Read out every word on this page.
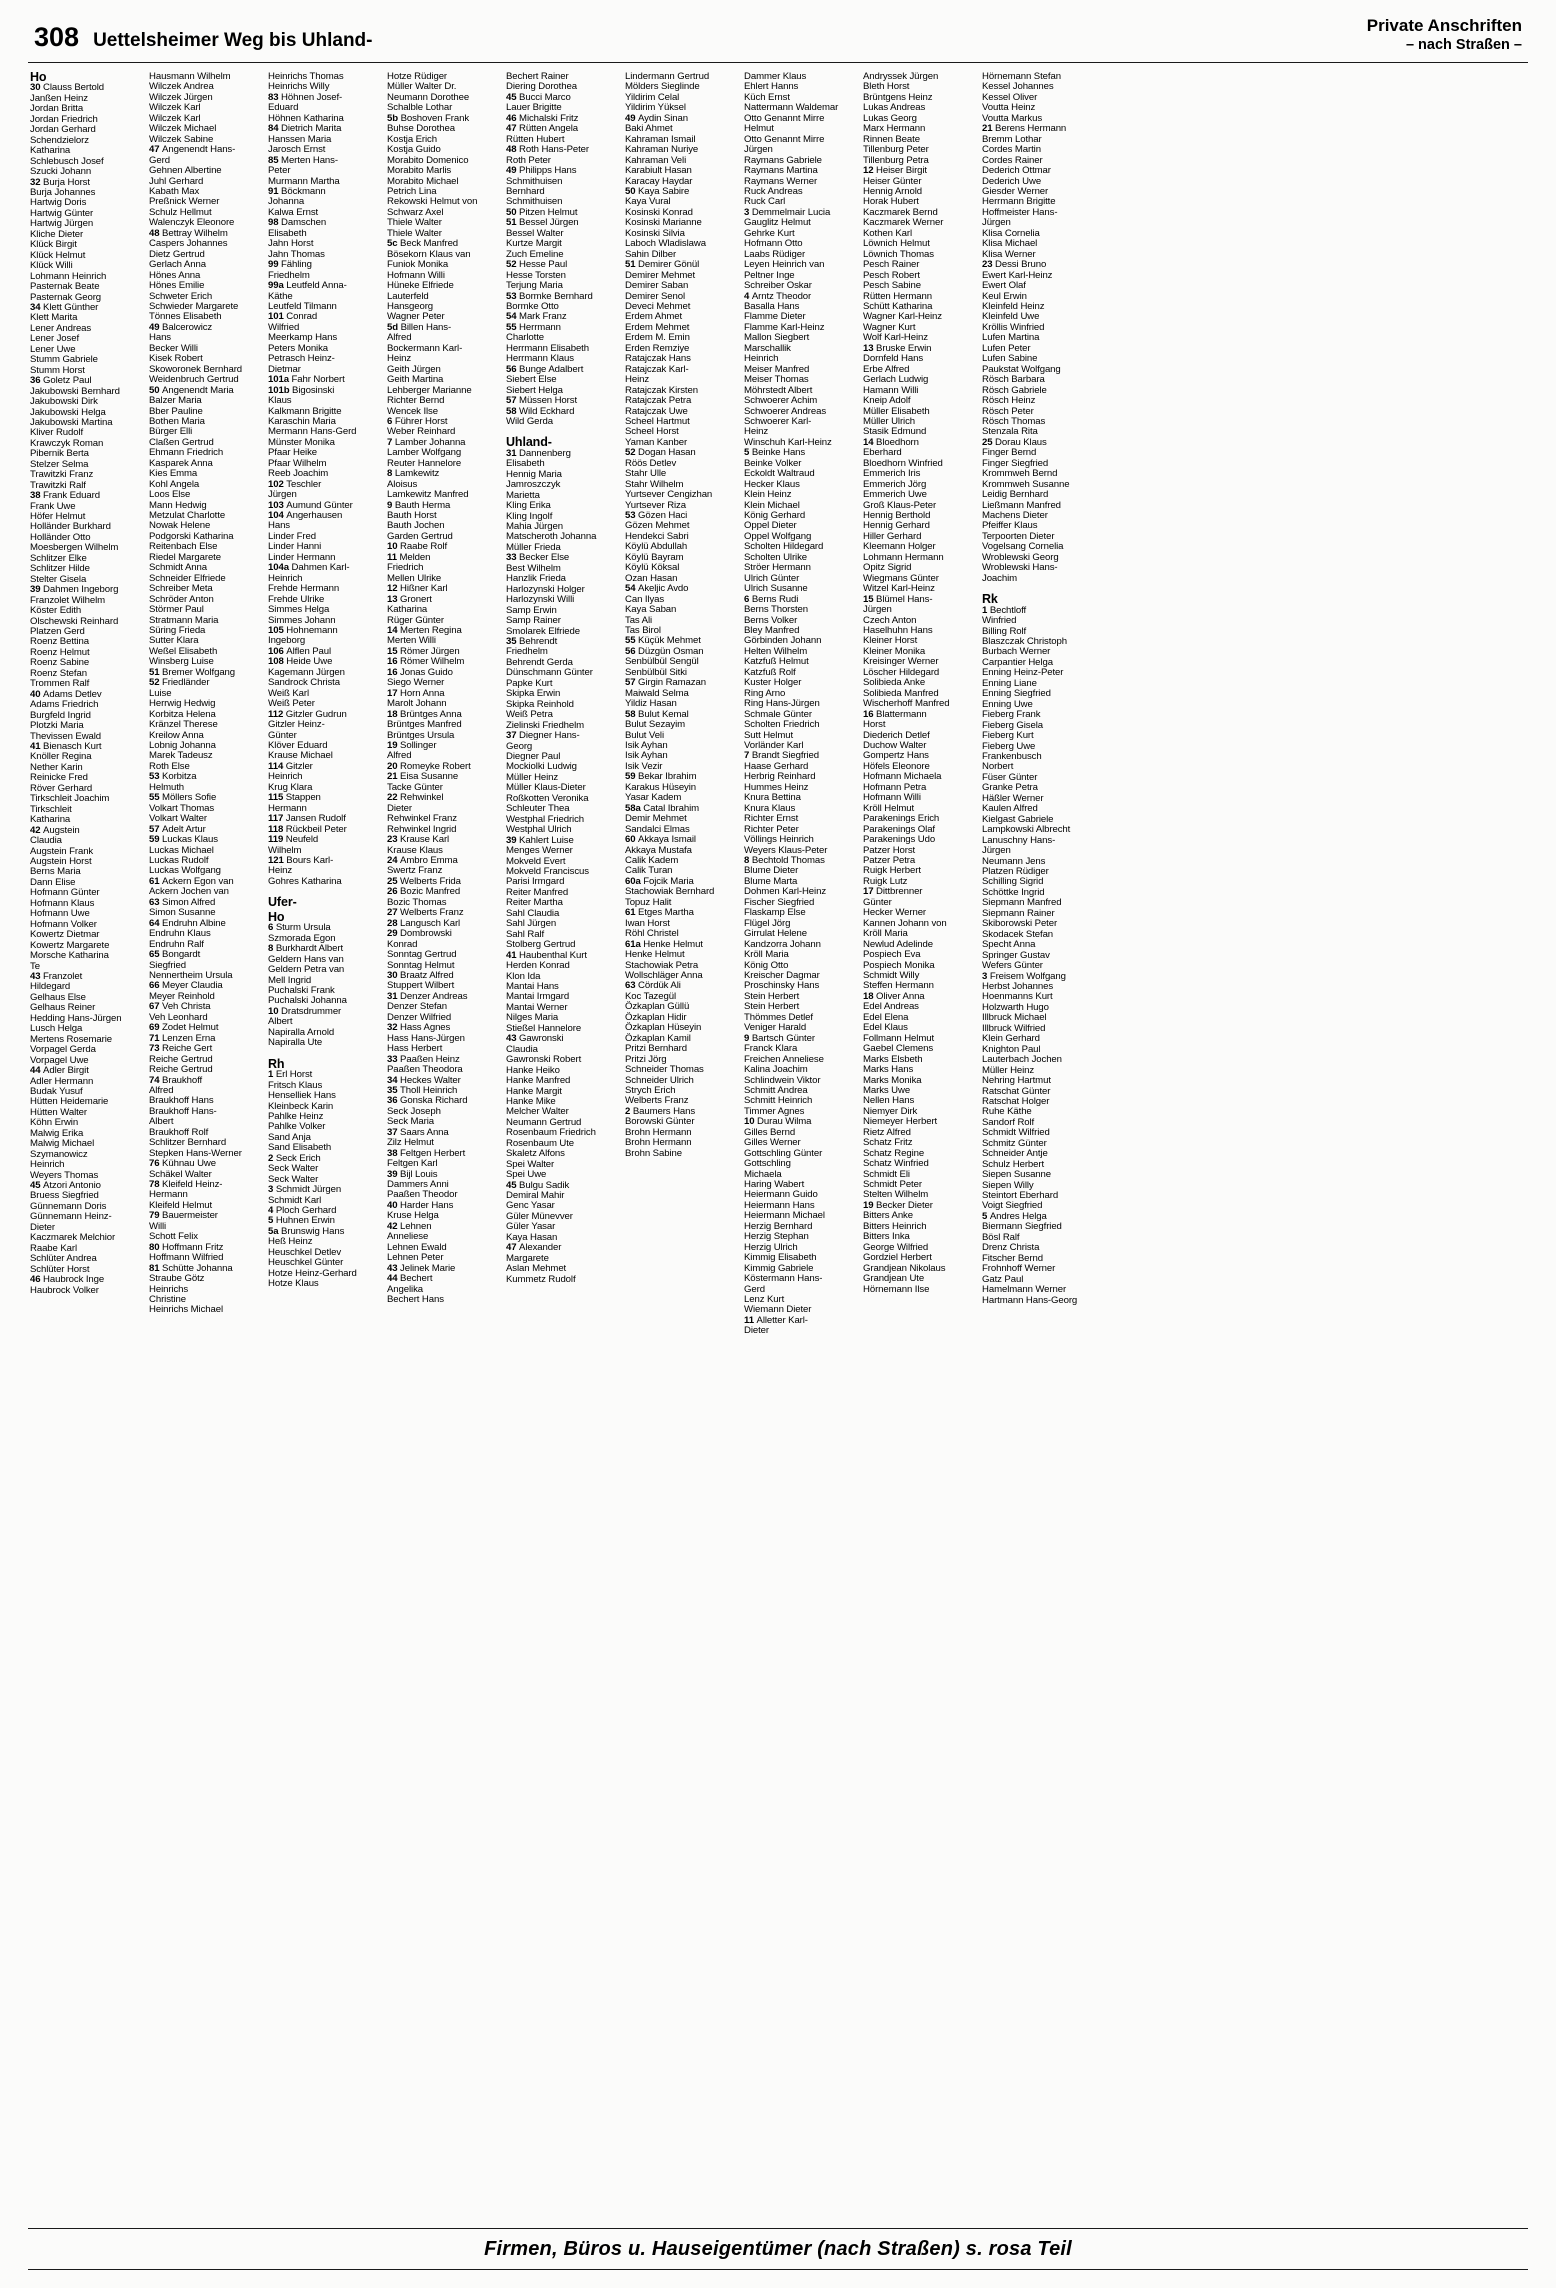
308 Uettelsheimer Weg bis Uhland-
Private Anschriften
– nach Straßen –
Ho
30 Clauss Bertold
Janßen Heinz
Jordan Britta
Jordan Friedrich
Jordan Gerhard
Schendzielorz
Katharina
Schlebusch Josef
Szucki Johann
32 Burja Horst
Burja Johannes
Hartwig Doris
Hartwig Günter
Hartwig Jürgen
Kliche Dieter
Klück Birgit
Klück Helmut
Klück Willi
Lohmann Heinrich
Pasternak Beate
Pasternak Georg
34 Klett Günther
Klett Marita
Lener Andreas
Lener Josef
Lener Uwe
Stumm Gabriele
Stumm Horst
36 Goletz Paul
Jakubowski Bernhard
Jakubowski Dirk
Jakubowski Helga
Jakubowski Martina
Kliver Rudolf
Krawczyk Roman
Pibernik Berta
Stelzer Selma
Trawitzki Franz
Trawitzki Ralf
38 Frank Eduard
Frank Uwe
Höfer Helmut
Holländer Burkhard
Holländer Otto
Moesbergen Wilhelm
Schlitzer Elke
Schlitzer Hilde
Stelter Gisela
39 Dahmen Ingeborg
Franzolet Wilhelm
Köster Edith
Olschewski Reinhard
Platzen Gerd
Roenz Bettina
Roenz Helmut
Roenz Sabine
Roenz Stefan
Trommen Ralf
40 Adams Detlev
Adams Friedrich
Burgfeld Ingrid
Plotzki Maria
Thevissen Ewald
41 Bienasch Kurt
Knöller Regina
Nether Karin
Reinicke Fred
Röver Gerhard
Tirkschleit Joachim
Tirkschleit
Katharina
42 Augstein
Claudia
Augstein Frank
Augstein Horst
Berns Maria
Dann Elise
Hofmann Günter
Hofmann Klaus
Hofmann Uwe
Hofmann Volker
Kowertz Dietmar
Kowertz Margarete
Morsche Katharina
Te
43 Franzolet
Hildegard
Gelhaus Else
Gelhaus Reiner
Hedding Hans-Jürgen
Lusch Helga
Mertens Rosemarie
Vorpagel Gerda
Vorpagel Uwe
44 Adler Birgit
Adler Hermann
Budak Yusuf
Hütten Heidemarie
Hütten Walter
Köhn Erwin
Malwig Erika
Malwig Michael
Szymanowicz
Heinrich
Weyers Thomas
45 Atzori Antonio
Bruess Siegfried
Günnemann Doris
Günnemann Heinz-
Dieter
Kaczmarek Melchior
Raabe Karl
Schlüter Andrea
Schlüter Horst
46 Haubrock Inge
Haubrock Volker
Hausmann Wilhelm
Wilczek Andrea
Wilczek Jürgen
Wilczek Karl
Wilczek Karl
Wilczek Michael
Wilczek Sabine
47 Angenendt Hans-
Gerd
Gehnen Albertine
Juhl Gerhard
Kabath Max
Preßnick Werner
Schulz Hellmut
Walenczyk Eleonore
48 Bettray Wilhelm
Caspers Johannes
Dietz Gertrud
Gerlach Anna
Hönes Anna
Hönes Emilie
Schweter Erich
Schwieder Margarete
Tönnes Elisabeth
49 Balcerowicz
Hans
Becker Willi
Kisek Robert
Skoworonek Bernhard
Weidenbruch Gertrud
50 Angenendt Maria
Balzer Maria
Bber Pauline
Bothen Maria
Bürger Elli
Claßen Gertrud
Ehmann Friedrich
Kasparek Anna
Kies Emma
Kohl Angela
Loos Else
Mann Hedwig
Metzulat Charlotte
Nowak Helene
Podgorski Katharina
Reitenbach Else
Riedel Margarete
Schmidt Anna
Schneider Elfriede
Schreiber Meta
Schröder Anton
Störmer Paul
Stratmann Maria
Süring Frieda
Sutter Klara
Weßel Elisabeth
Winsberg Luise
51 Bremer Wolfgang
52 Friedländer
Luise
Herrwig Hedwig
Korbitza Helena
Kränzel Therese
Kreilow Anna
Lobnig Johanna
Marek Tadeusz
Roth Else
53 Korbitza
Helmuth
55 Möllers Sofie
Volkart Thomas
Volkart Walter
57 Adelt Artur
59 Luckas Klaus
Luckas Michael
Luckas Rudolf
Luckas Wolfgang
61 Ackern Egon van
Ackern Jochen van
63 Simon Alfred
Simon Susanne
64 Endruhn Albine
Endruhn Klaus
Endruhn Ralf
65 Bongardt
Siegfried
Nennertheim Ursula
66 Meyer Claudia
Meyer Reinhold
67 Veh Christa
Veh Leonhard
69 Zodet Helmut
71 Lenzen Erna
73 Reiche Gert
Reiche Gertrud
Reiche Gertrud
74 Braukhoff
Alfred
Braukhoff Hans
Braukhoff Hans-
Albert
Braukhoff Rolf
Schlitzer Bernhard
Stepken Hans-Werner
76 Kühnau Uwe
Schäkel Walter
78 Kleifeld Heinz-
Hermann
Kleifeld Helmut
79 Bauermeister
Willi
Schott Felix
80 Hoffmann Fritz
Hoffmann Wilfried
81 Schütte Johanna
Straube Götz
Heinrichs
Christine
Heinrichs Michael
Heinrichs Thomas
Heinrichs Willy
83 Höhnen Josef-
Eduard
Höhnen Katharina
84 Dietrich Marita
Hanssen Maria
Jarosch Ernst
85 Merten Hans-
Peter
Murmann Martha
91 Böckmann
Johanna
Kalwa Ernst
98 Damschen
Elisabeth
Jahn Horst
Jahn Thomas
99 Fähling
Friedhelm
99a Leutfeld Anna-
Käthe
Leutfeld Tilmann
101 Conrad
Wilfried
Meerkamp Hans
Peters Monika
Petrasch Heinz-
Dietmar
101a Fahr Norbert
101b Bigosinski
Klaus
Kalkmann Brigitte
Karaschin Maria
Mermann Hans-Gerd
Münster Monika
Pfaar Heike
Pfaar Wilhelm
Reeb Joachim
102 Teschler
Jürgen
103 Aumund Günter
104 Angerhausen
Hans
Linder Fred
Linder Hanni
Linder Hermann
104a Dahmen Karl-
Heinrich
Frehde Hermann
Frehde Ulrike
Simmes Helga
Simmes Johann
105 Hohnemann
Ingeborg
106 Alflen Paul
108 Heide Uwe
Kagemann Jürgen
Sandrock Christa
Weiß Karl
Weiß Peter
112 Gitzler Gudrun
Gitzler Heinz-
Günter
Klöver Eduard
Krause Michael
114 Gitzler
Heinrich
Krug Klara
115 Stappen
Hermann
117 Jansen Rudolf
118 Rückbeil Peter
119 Neufeld
Wilhelm
121 Bours Karl-
Heinz
Gohres Katharina
Ufer-
Ho
6 Sturm Ursula
Szmorada Egon
8 Burkhardt Albert
Geldern Hans van
Geldern Petra van
Mell Ingrid
Puchalski Frank
Puchalski Johanna
10 Dratsdrummer
Albert
Napiralla Arnold
Napiralla Ute
Rh
1 Erl Horst
Fritsch Klaus
Henselliek Hans
Kleinbeck Karin
Pahlke Heinz
Pahlke Volker
Sand Anja
Sand Elisabeth
2 Seck Erich
Seck Walter
Seck Walter
3 Schmidt Jürgen
Schmidt Karl
4 Ploch Gerhard
5 Huhnen Erwin
5a Brunswig Hans
Heß Heinz
Heuschkel Detlev
Heuschkel Günter
Hotze Heinz-Gerhard
Hotze Klaus
Hotze Rüdiger
Müller Walter Dr.
Neumann Dorothee
Schalble Lothar
5b Boshoven Frank
Buhse Dorothea
Kostja Erich
Kostja Guido
Morabito Domenico
Morabito Marlis
Morabito Michael
Petrich Lina
Rekowski Helmut von
Schwarz Axel
Thiele Walter
Thiele Walter
5c Beck Manfred
Bösekorn Klaus van
Funiok Monika
Hofmann Willi
Hüneke Elfriede
Lauterfeld
Hansgeorg
Wagner Peter
5d Billen Hans-
Alfred
Bockermann Karl-
Heinz
Geith Jürgen
Geith Martina
Lehberger Marianne
Richter Bernd
Wencek Ilse
6 Führer Horst
Weber Reinhard
7 Lamber Johanna
Lamber Wolfgang
Reuter Hannelore
8 Lamkewitz
Aloisus
Lamkewitz Manfred
9 Bauth Herma
Bauth Horst
Bauth Jochen
Garden Gertrud
10 Raabe Rolf
11 Melden
Friedrich
Mellen Ulrike
12 Hißner Karl
13 Gronert
Katharina
Rüger Günter
14 Merten Regina
Merten Willi
15 Römer Jürgen
16 Römer Wilhelm
16 Jonas Guido
Siego Werner
17 Horn Anna
Marolt Johann
18 Brüntges Anna
Brüntges Manfred
Brüntges Ursula
19 Sollinger
Alfred
20 Romeyke Robert
21 Eisa Susanne
Tacke Günter
22 Rehwinkel
Dieter
Rehwinkel Franz
Rehwinkel Ingrid
23 Krause Karl
Krause Klaus
24 Ambro Emma
Swertz Franz
25 Welberts Frida
26 Bozic Manfred
Bozic Thomas
27 Welberts Franz
28 Langusch Karl
29 Dombrowski
Konrad
Sonntag Gertrud
Sonntag Helmut
30 Braatz Alfred
Stuppert Wilbert
31 Denzer Andreas
Denzer Stefan
Denzer Wilfried
32 Hass Agnes
Hass Hans-Jürgen
Hass Herbert
33 Paaßen Heinz
Paaßen Theodora
34 Heckes Walter
35 Tholl Heinrich
36 Gonska Richard
Seck Joseph
Seck Maria
37 Saars Anna
Zilz Helmut
38 Feltgen Herbert
Feltgen Karl
39 Bijl Louis
Dammers Anni
Paaßen Theodor
40 Harder Hans
Kruse Helga
42 Lehnen
Anneliese
Lehnen Ewald
Lehnen Peter
43 Jelinek Marie
44 Bechert
Angelika
Bechert Hans
Bechert Rainer
Diering Dorothea
45 Bucci Marco
Lauer Brigitte
46 Michalski Fritz
47 Rütten Angela
Rütten Hubert
48 Roth Hans-Peter
Roth Peter
49 Philipps Hans
Schmithuisen
Bernhard
Schmithuisen
50 Pitzen Helmut
51 Bessel Jürgen
Bessel Walter
Kurtze Margit
Zuch Emeline
52 Hesse Paul
Hesse Torsten
Terjung Maria
53 Bormke Bernhard
Bormke Otto
54 Mark Franz
55 Herrmann
Charlotte
Herrmann Elisabeth
Herrmann Klaus
56 Bunge Adalbert
Siebert Else
Siebert Helga
57 Müssen Horst
58 Wild Eckhard
Wild Gerda
Uhland-
31 Dannenberg
Elisabeth
Hennig Maria
Jamroszczyk
Marietta
Kling Erika
Kling Ingolf
Mahia Jürgen
Matscheroth Johanna
Müller Frieda
33 Becker Else
Best Wilhelm
Hanzlik Frieda
Harlozynski Holger
Harlozynski Willi
Samp Erwin
Samp Rainer
Smolarek Elfriede
35 Behrendt
Friedhelm
Behrendt Gerda
Dünschmann Günter
Papke Kurt
Skipka Erwin
Skipka Reinhold
Weiß Petra
Zielinski Friedhelm
37 Diegner Hans-
Georg
Diegner Paul
Mockiolki Ludwig
Müller Heinz
Müller Klaus-Dieter
Roßkotten Veronika
Schleuter Thea
Westphal Friedrich
Westphal Ulrich
39 Kahlert Luise
Menges Werner
Mokveld Evert
Mokveld Franciscus
Parisi Irmgard
Reiter Manfred
Reiter Martha
Sahl Claudia
Sahl Jürgen
Sahl Ralf
Stolberg Gertrud
41 Haubenthal Kurt
Herden Konrad
Klon Ida
Mantai Hans
Mantai Irmgard
Mantai Werner
Nilges Maria
Stießel Hannelore
43 Gawronski
Claudia
Gawronski Robert
Hanke Heiko
Hanke Manfred
Hanke Margit
Hanke Mike
Melcher Walter
Neumann Gertrud
Rosenbaum Friedrich
Rosenbaum Ute
Skaletz Alfons
Spei Walter
Spei Uwe
45 Bulgu Sadik
Demiral Mahir
Genc Yasar
Güler Münevver
Güler Yasar
Kaya Hasan
47 Alexander
Margarete
Aslan Mehmet
Kummetz Rudolf
Lindermann Gertrud
Mölders Sieglinde
Yildirim Celal
Yildirim Yüksel
49 Aydin Sinan
Baki Ahmet
Kahraman Ismail
Kahraman Nuriye
Kahraman Veli
Karabiult Hasan
Karacay Haydar
50 Kaya Sabire
Kaya Vural
Kosinski Konrad
Kosinski Marianne
Kosinski Silvia
Laboch Wladislawa
Sahin Dilber
51 Demirer Gönül
Demirer Mehmet
Demirer Saban
Demirer Senol
Deveci Mehmet
Erdem Ahmet
Erdem Mehmet
Erdem M. Emin
Erden Remziye
Ratajczak Hans
Ratajczak Karl-
Heinz
Ratajczak Kirsten
Ratajczak Petra
Ratajczak Uwe
Scheel Hartmut
Scheel Horst
Yaman Kanber
52 Dogan Hasan
Röös Detlev
Stahr Ulle
Stahr Wilhelm
Yurtsever Cengizhan
Yurtsever Riza
53 Gözen Haci
Gözen Mehmet
Hendekci Sabri
Köylü Abdullah
Köylü Bayram
Köylü Köksal
Ozan Hasan
54 Akeljic Avdo
Can Ilyas
Kaya Saban
Tas Ali
Tas Birol
55 Küçük Mehmet
56 Düzgün Osman
Senbülbül Sengül
Senbülbül Sitki
57 Girgin Ramazan
Maiwald Selma
Yildiz Hasan
58 Bulut Kemal
Bulut Sezayim
Bulut Veli
Isik Ayhan
Isik Ayhan
Isik Vezir
59 Bekar Ibrahim
Karakus Hüseyin
Yasar Kadem
58a Catal Ibrahim
Demir Mehmet
Sandalci Elmas
60 Akkaya Ismail
Akkaya Mustafa
Calik Kadem
Calik Turan
60a Fojcik Maria
Stachowiak Bernhard
Topuz Halit
61 Etges Martha
Iwan Horst
Röhl Christel
61a Henke Helmut
Henke Helmut
Stachowiak Petra
Wollschläger Anna
63 Cördük Ali
Koc Tazegül
Özkaplan Güllü
Özkaplan Hidir
Özkaplan Hüseyin
Özkaplan Kamil
Pritzi Bernhard
Pritzi Jörg
Schneider Thomas
Schneider Ulrich
Strych Erich
Welberts Franz
2 Baumers Hans
Borowski Günter
Brohn Hermann
Brohn Hermann
Brohn Sabine
Dammer Klaus
Ehlert Hanns
Küch Ernst
Nattermann Waldemar
Otto Genannt Mirre
Helmut
Otto Genannt Mirre
Jürgen
Raymans Gabriele
Raymans Martina
Raymans Werner
Ruck Andreas
Ruck Carl
3 Demmelmair Lucia
Gauglitz Helmut
Gehrke Kurt
Hofmann Otto
Laabs Rüdiger
Leyen Heinrich van
Peltner Inge
Schreiber Oskar
4 Arntz Theodor
Basalla Hans
Flamme Dieter
Flamme Karl-Heinz
Mallon Siegbert
Marschallik
Heinrich
Meiser Manfred
Meiser Thomas
Möhrstedt Albert
Schwoerer Achim
Schwoerer Andreas
Schwoerer Karl-
Heinz
Winschuh Karl-Heinz
5 Beinke Hans
Beinke Volker
Eckoldt Waltraud
Hecker Klaus
Klein Heinz
Klein Michael
König Gerhard
Oppel Dieter
Oppel Wolfgang
Scholten Hildegard
Scholten Ulrike
Ströer Hermann
Ulrich Günter
Ulrich Susanne
6 Berns Rudi
Berns Thorsten
Berns Volker
Bley Manfred
Görbinden Johann
Helten Wilhelm
Katzfuß Helmut
Katzfuß Rolf
Kuster Holger
Ring Arno
Ring Hans-Jürgen
Schmale Günter
Scholten Friedrich
Sutt Helmut
Vorländer Karl
7 Brandt Siegfried
Haase Gerhard
Herbrig Reinhard
Hummes Heinz
Knura Bettina
Knura Klaus
Richter Ernst
Richter Peter
Völlings Heinrich
Weyers Klaus-Peter
8 Bechtold Thomas
Blume Dieter
Blume Marta
Dohmen Karl-Heinz
Fischer Siegfried
Flaskamp Else
Flügel Jörg
Girrulat Helene
Kandzorra Johann
Kröll Maria
König Otto
Kreischer Dagmar
Proschinsky Hans
Stein Herbert
Stein Herbert
Thömmes Detlef
Veniger Harald
9 Bartsch Günter
Franck Klara
Freichen Anneliese
Kalina Joachim
Schlindwein Viktor
Schmitt Andrea
Schmitt Heinrich
Timmer Agnes
10 Durau Wilma
Gilles Bernd
Gilles Werner
Gottschling Günter
Gottschling
Michaela
Haring Wabert
Heiermann Guido
Heiermann Hans
Heiermann Michael
Herzig Bernhard
Herzig Stephan
Herzig Ulrich
Kimmig Elisabeth
Kimmig Gabriele
Köstermann Hans-
Gerd
Lenz Kurt
Wiemann Dieter
11 Alletter Karl-
Dieter
Andryssek Jürgen
Bleth Horst
Brüntgens Heinz
Lukas Andreas
Lukas Georg
Marx Hermann
Rinnen Beate
Tillenburg Peter
Tillenburg Petra
12 Heiser Birgit
Heiser Günter
Hennig Arnold
Horak Hubert
Kaczmarek Bernd
Kaczmarek Werner
Kothen Karl
Löwnich Helmut
Löwnich Thomas
Pesch Rainer
Pesch Robert
Pesch Sabine
Rütten Hermann
Schütt Katharina
Wagner Karl-Heinz
Wagner Kurt
Wolf Karl-Heinz
13 Bruske Erwin
Dornfeld Hans
Erbe Alfred
Gerlach Ludwig
Hamann Willi
Kneip Adolf
Müller Elisabeth
Müller Ulrich
Stasik Edmund
14 Bloedhorn
Eberhard
Bloedhorn Winfried
Emmerich Iris
Emmerich Jörg
Emmerich Uwe
Groß Klaus-Peter
Hennig Berthold
Hennig Gerhard
Hiller Gerhard
Kleemann Holger
Lohmann Hermann
Opitz Sigrid
Wiegmans Günter
Witzel Karl-Heinz
15 Blümel Hans-
Jürgen
Czech Anton
Haselhuhn Hans
Kleiner Horst
Kleiner Monika
Kreisinger Werner
Löscher Hildegard
Solibieda Anke
Solibieda Manfred
Wischerhoff Manfred
16 Blattermann
Horst
Diederich Detlef
Duchow Walter
Gompertz Hans
Höfels Eleonore
Hofmann Michaela
Hofmann Petra
Hofmann Willi
Kröll Helmut
Parakenings Erich
Parakenings Olaf
Parakenings Udo
Patzer Horst
Patzer Petra
Ruigk Herbert
Ruigk Lutz
17 Dittbrenner
Günter
Hecker Werner
Kannen Johann von
Kröll Maria
Newlud Adelinde
Pospiech Eva
Pospiech Monika
Schmidt Willy
Steffen Hermann
18 Oliver Anna
Edel Andreas
Edel Elena
Edel Klaus
Follmann Helmut
Gaebel Clemens
Marks Elsbeth
Marks Hans
Marks Monika
Marks Uwe
Nellen Hans
Niemyer Dirk
Niemeyer Herbert
Rietz Alfred
Schatz Fritz
Schatz Regine
Schatz Winfried
Schmidt Eli
Schmidt Peter
Stelten Wilhelm
19 Becker Dieter
Bitters Anke
Bitters Heinrich
Bitters Inka
George Wilfried
Gordziel Herbert
Grandjean Nikolaus
Grandjean Ute
Hörnemann Ilse
Hörnemann Stefan
Kessel Johannes
Kessel Oliver
Voutta Heinz
Voutta Markus
21 Berens Hermann
Bremm Lothar
Cordes Martin
Cordes Rainer
Dederich Ottmar
Dederich Uwe
Giesder Werner
Herrmann Brigitte
Hoffmeister Hans-
Jürgen
Klisa Cornelia
Klisa Michael
Klisa Werner
23 Dessi Bruno
Ewert Karl-Heinz
Ewert Olaf
Keul Erwin
Kleinfeld Heinz
Kleinfeld Uwe
Kröllis Winfried
Lufen Martina
Lufen Peter
Lufen Sabine
Paukstat Wolfgang
Rösch Barbara
Rösch Gabriele
Rösch Heinz
Rösch Peter
Rösch Thomas
Stenzala Rita
25 Dorau Klaus
Finger Bernd
Finger Siegfried
Krommweh Bernd
Krommweh Susanne
Leidig Bernhard
Ließmann Manfred
Machens Dieter
Pfeiffer Klaus
Terpoorten Dieter
Vogelsang Cornelia
Wroblewski Georg
Wroblewski Hans-
Joachim
Rk
1 Bechtloff
Winfried
Billing Rolf
Blaszczak Christoph
Burbach Werner
Carpantier Helga
Enning Heinz-Peter
Enning Liane
Enning Siegfried
Enning Uwe
Fieberg Frank
Fieberg Gisela
Fieberg Kurt
Fieberg Uwe
Frankenbusch
Norbert
Füser Günter
Granke Petra
Häßler Werner
Kaulen Alfred
Kielgast Gabriele
Lampkowski Albrecht
Lanuschny Hans-
Jürgen
Neumann Jens
Platzen Rüdiger
Schilling Sigrid
Schöttke Ingrid
Siepmann Manfred
Siepmann Rainer
Skiborowski Peter
Skodacek Stefan
Specht Anna
Springer Gustav
Wefers Günter
3 Freisem Wolfgang
Herbst Johannes
Hoenmanns Kurt
Holzwarth Hugo
Illbruck Michael
Illbruck Wilfried
Klein Gerhard
Knighton Paul
Lauterbach Jochen
Müller Heinz
Nehring Hartmut
Ratschat Günter
Ratschat Holger
Ruhe Käthe
Sandorf Rolf
Schmidt Wilfried
Schmitz Günter
Schneider Antje
Schulz Herbert
Siepen Susanne
Siepen Willy
Steintort Eberhard
Voigt Siegfried
5 Andres Helga
Biermann Siegfried
Bösl Ralf
Drenz Christa
Fitscher Bernd
Frohnhoff Werner
Gatz Paul
Hamelmann Werner
Hartmann Hans-Georg
Firmen, Büros u. Hauseigentümer (nach Straßen) s. rosa Teil
